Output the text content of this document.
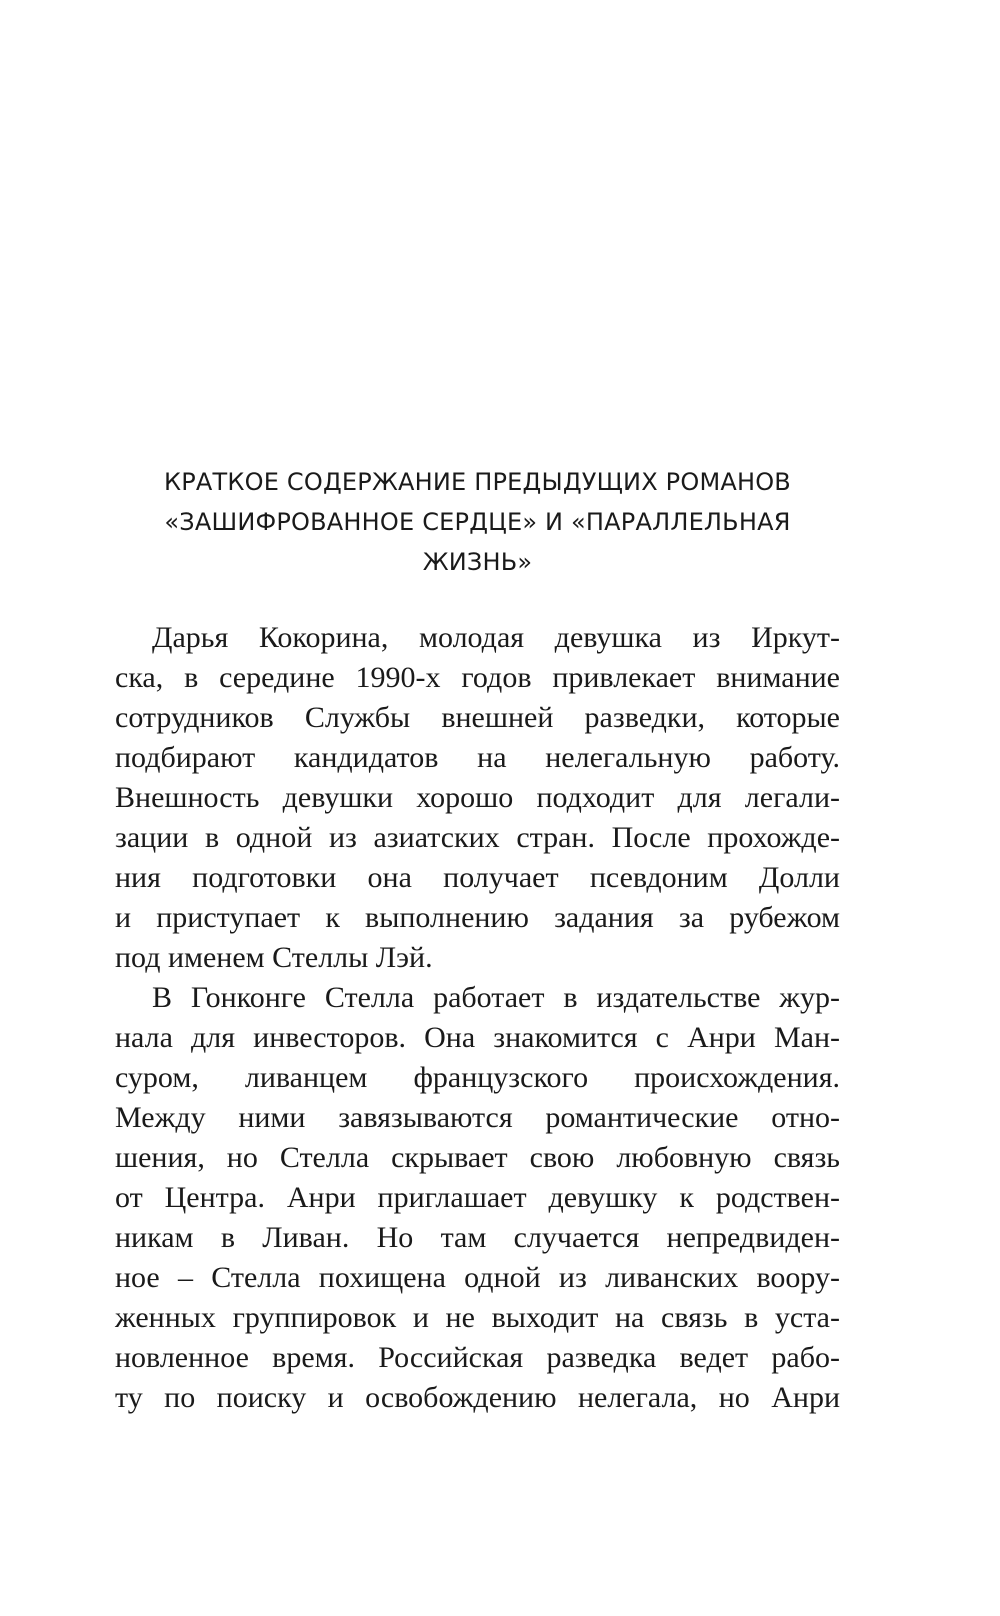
КРАТКОЕ СОДЕРЖАНИЕ ПРЕДЫДУЩИХ РОМАНОВ
«ЗАШИФРОВАННОЕ СЕРДЦЕ» И «ПАРАЛЛЕЛЬНАЯ
ЖИЗНЬ»
Дарья Кокорина, молодая девушка из Иркут-
ска, в середине 1990-х годов привлекает внимание
сотрудников Службы внешней разведки, которые
подбирают кандидатов на нелегальную работу.
Внешность девушки хорошо подходит для легали-
зации в одной из азиатских стран. После прохожде-
ния подготовки она получает псевдоним Долли
и приступает к выполнению задания за рубежом
под именем Стеллы Лэй.
В Гонконге Стелла работает в издательстве жур-
нала для инвесторов. Она знакомится с Анри Ман-
суром, ливанцем французского происхождения.
Между ними завязываются романтические отно-
шения, но Стелла скрывает свою любовную связь
от Центра. Анри приглашает девушку к родствен-
никам в Ливан. Но там случается непредвиден-
ное – Стелла похищена одной из ливанских воору-
женных группировок и не выходит на связь в уста-
новленное время. Российская разведка ведет рабо-
ту по поиску и освобождению нелегала, но Анри
